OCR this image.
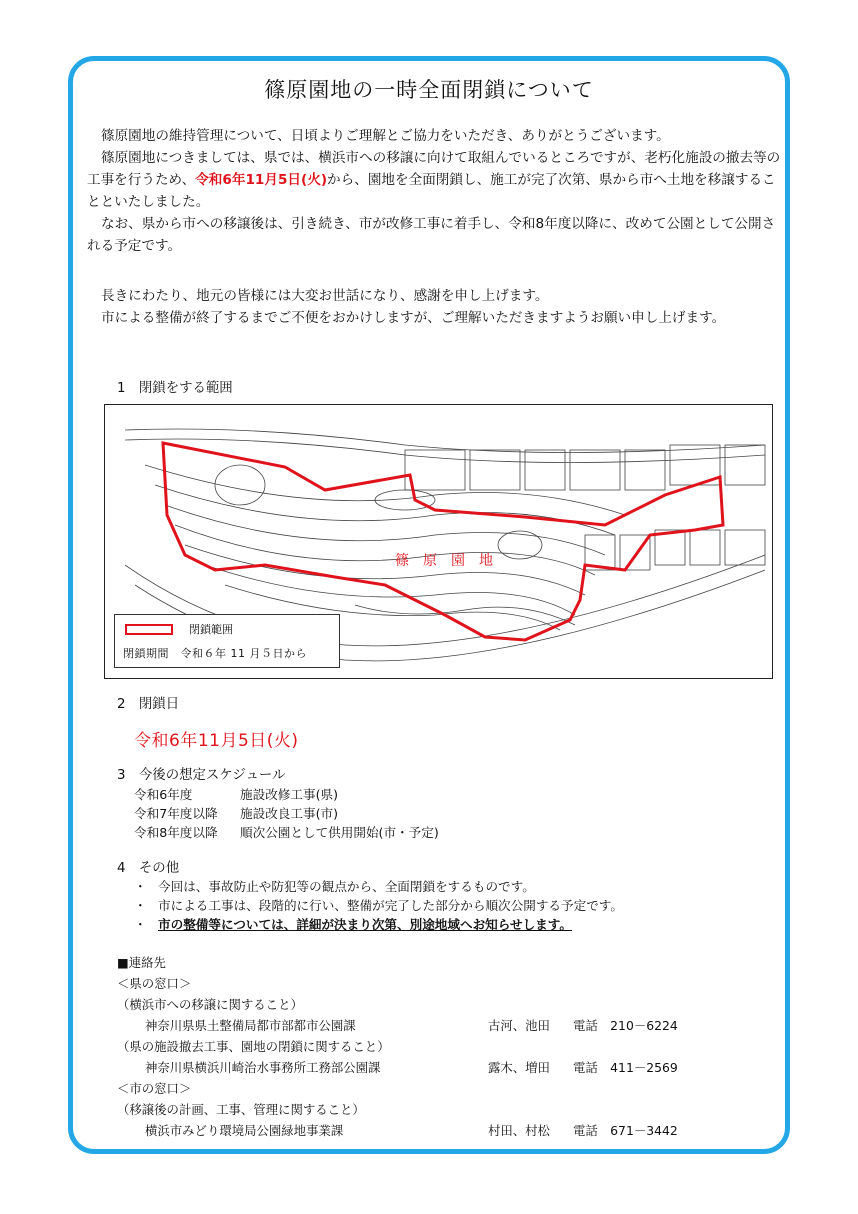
篠原園地の一時全面閉鎖について

篠原園地の維持管理について、日頃よりご理解とご協力をいただき、ありがとうございます。

篠原園地につきましては、県では、横浜市への移譲に向けて取組んでいるところですが、老朽化施設の撤去等の工事を行うため、令和6年11月5日(火)から、園地を全面閉鎖し、施工が完了次第、県から市へ土地を移譲することといたしました。

なお、県から市への移譲後は、引き続き、市が改修工事に着手し、令和8年度以降に、改めて公園として公開される予定です。

長きにわたり、地元の皆様には大変お世話になり、感謝を申し上げます。

市による整備が終了するまでご不便をおかけしますが、ご理解いただきますようお願い申し上げます。

1　閉鎖をする範囲
篠　原　園　地
閉鎖範囲
閉鎖期間　令和６年 11 月５日から
2　閉鎖日
令和6年11月5日(火)
3　今後の想定スケジュール
令和6年度	施設改修工事(県)
令和7年度以降 施設改良工事(市)
令和8年度以降 順次公園として供用開始(市・予定)
4　その他
・ 今回は、事故防止や防犯等の観点から、全面閉鎖をするものです。
・ 市による工事は、段階的に行い、整備が完了した部分から順次公開する予定です。
・ 市の整備等については、詳細が決まり次第、別途地域へお知らせします。
■連絡先
＜県の窓口＞
（横浜市への移譲に関すること）
神奈川県県土整備局都市部都市公園課	古河、池田 電話　210－6224
（県の施設撤去工事、園地の閉鎖に関すること）
神奈川県横浜川崎治水事務所工務部公園課	露木、増田 電話　411－2569
＜市の窓口＞
（移譲後の計画、工事、管理に関すること）
横浜市みどり環境局公園緑地事業課	村田、村松 電話　671－3442
